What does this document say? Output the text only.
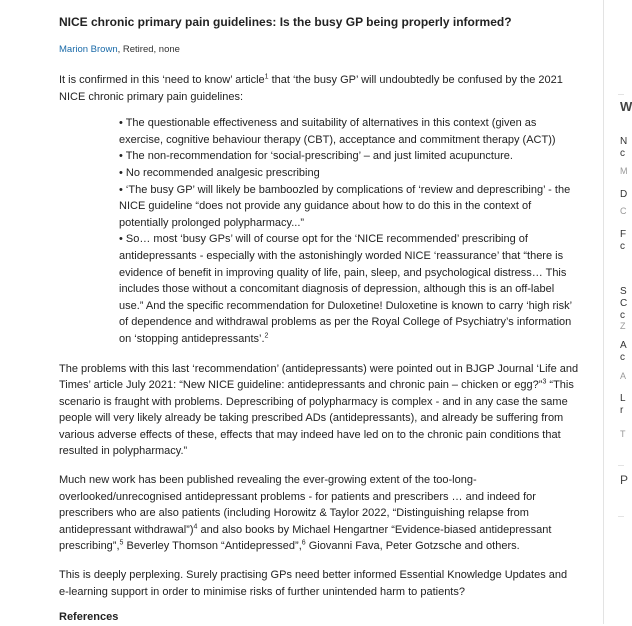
NICE chronic primary pain guidelines: Is the busy GP being properly informed?
Marion Brown, Retired, none

It is confirmed in this ‘need to know’ article$^1$ that ‘the busy GP’ will undoubtedly be confused by the 2021 NICE chronic primary pain guidelines:

• The questionable effectiveness and suitability of alternatives in this context (given as exercise, cognitive behaviour therapy (CBT), acceptance and commitment therapy (ACT))
• The non-recommendation for ‘social-prescribing’ – and just limited acupuncture.
• No recommended analgesic prescribing
• ‘The busy GP’ will likely be bamboozled by complications of ‘review and deprescribing’ - the NICE guideline “does not provide any guidance about how to do this in the context of potentially prolonged polypharmacy...”
• So… most ‘busy GPs’ will of course opt for the ‘NICE recommended’ prescribing of antidepressants - especially with the astonishingly worded NICE ‘reassurance’ that “there is evidence of benefit in improving quality of life, pain, sleep, and psychological distress… This includes those without a concomitant diagnosis of depression, although this is an off-label use.” And the specific recommendation for Duloxetine! Duloxetine is known to carry ‘high risk’ of dependence and withdrawal problems as per the Royal College of Psychiatry’s information on ‘stopping antidepressants’.$^2$

The problems with this last ‘recommendation’ (antidepressants) were pointed out in BJGP Journal ‘Life and Times’ article July 2021: “New NICE guideline: antidepressants and chronic pain – chicken or egg?”$^3$ “This scenario is fraught with problems. Deprescribing of polypharmacy is complex - and in any case the same people will very likely already be taking prescribed ADs (antidepressants), and already be suffering from various adverse effects of these, effects that may indeed have led on to the chronic pain conditions that resulted in polypharmacy.”

Much new work has been published revealing the ever-growing extent of the too-long-overlooked/unrecognised antidepressant problems - for patients and prescribers … and indeed for prescribers who are also patients (including Horowitz & Taylor 2022, “Distinguishing relapse from antidepressant withdrawal”)$^4$ and also books by Michael Hengartner “Evidence-biased antidepressant prescribing”,$^5$ Beverley Thomson “Antidepressed”,$^6$ Giovanni Fava, Peter Gotzsche and others.

This is deeply perplexing. Surely practising GPs need better informed Essential Knowledge Updates and e-learning support in order to minimise risks of further unintended harm to patients?

References
W
N
c
M
D
C
F
c
S
C
c
Z
A
c
A
L
r
T
P
